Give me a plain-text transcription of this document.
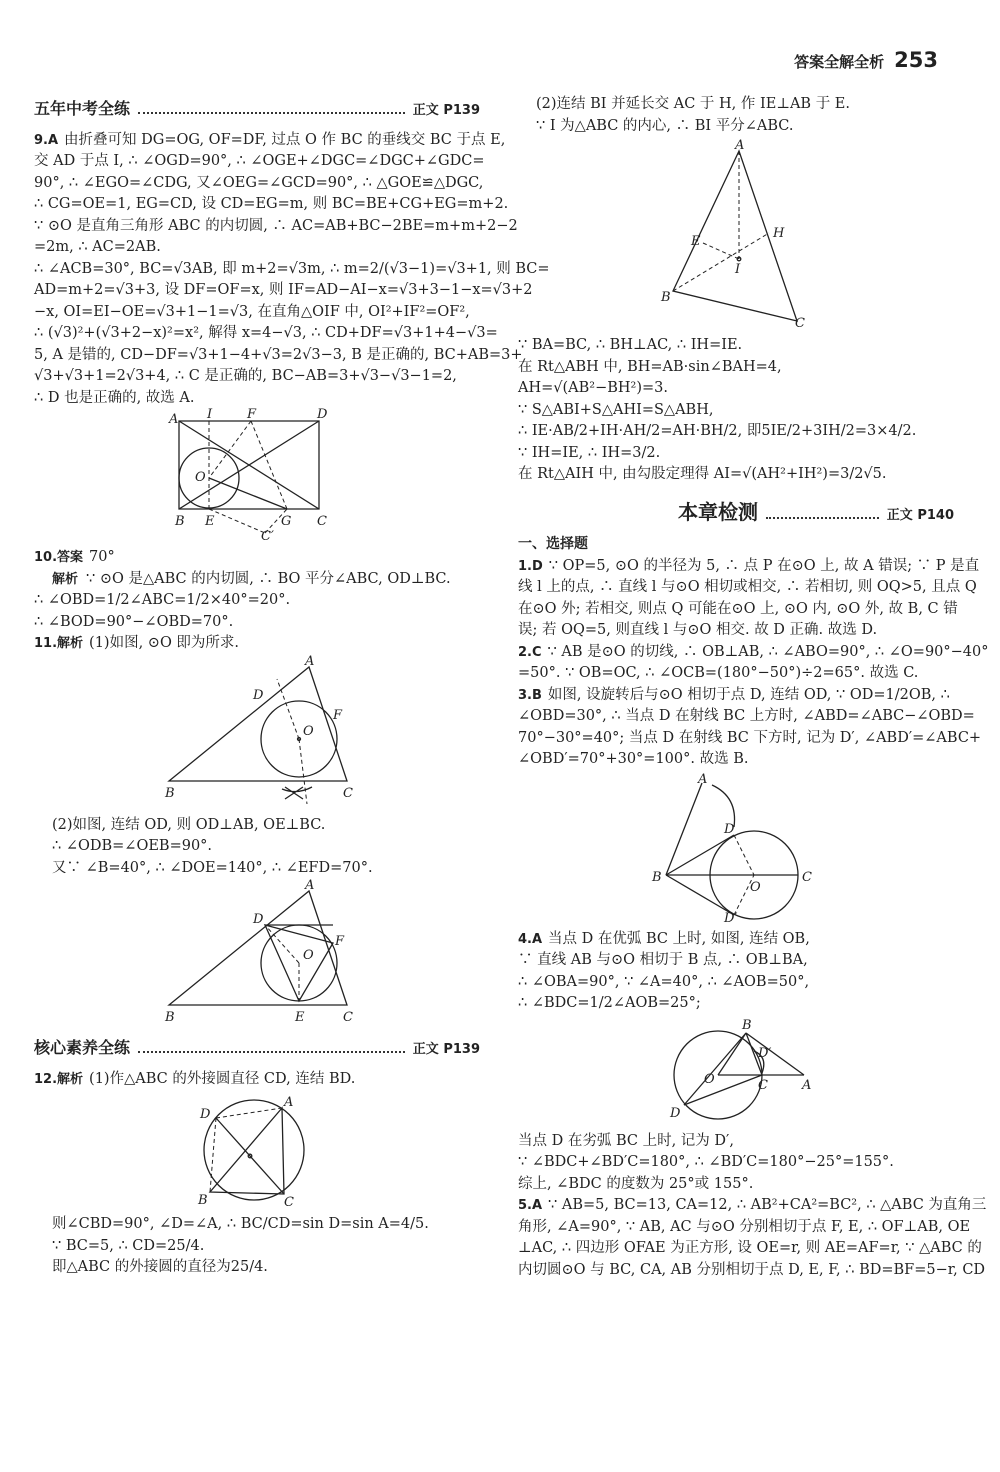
答案全解全析 253
五年中考全练	正文 P139
9.A 由折叠可知 DG=OG, OF=DF, 过点 O 作 BC 的垂线交 BC 于点 E,

交 AD 于点 I, ∴ ∠OGD=90°, ∴ ∠OGE+∠DGC=∠DGC+∠GDC=

90°, ∴ ∠EGO=∠CDG, 又∠OEG=∠GCD=90°, ∴ △GOE≌△DGC,

∴ CG=OE=1, EG=CD, 设 CD=EG=m, 则 BC=BE+CG+EG=m+2.

∵ ⊙O 是直角三角形 ABC 的内切圆, ∴ AC=AB+BC−2BE=m+m+2−2

=2m, ∴ AC=2AB.

∴ ∠ACB=30°, BC=√3AB, 即 m+2=√3m, ∴ m=2/(√3−1)=√3+1, 则 BC=

AD=m+2=√3+3, 设 DF=OF=x, 则 IF=AD−AI−x=√3+3−1−x=√3+2

−x, OI=EI−OE=√3+1−1=√3, 在直角△OIF 中, OI²+IF²=OF²,

∴ (√3)²+(√3+2−x)²=x², 解得 x=4−√3, ∴ CD+DF=√3+1+4−√3=

5, A 是错的, CD−DF=√3+1−4+√3=2√3−3, B 是正确的, BC+AB=3+

√3+√3+1=2√3+4, ∴ C 是正确的, BC−AB=3+√3−√3−1=2,

∴ D 也是正确的, 故选 A.

A I	F	D
O
B E	G C
C′
10.答案 70°
解析 ∵ ⊙O 是△ABC 的内切圆, ∴ BO 平分∠ABC, OD⊥BC.

∴ ∠OBD=1/2∠ABC=1/2×40°=20°.

∴ ∠BOD=90°−∠OBD=70°.

11.解析 (1)如图, ⊙O 即为所求.
A
D
F
O
B	C

(2)如图, 连结 OD, 则 OD⊥AB, OE⊥BC.

∴ ∠ODB=∠OEB=90°.

又∵ ∠B=40°, ∴ ∠DOE=140°, ∴ ∠EFD=70°.

A
D
F
O
B	E	C
核心素养全练	正文 P139
12.解析 (1)作△ABC 的外接圆直径 CD, 连结 BD.
D
A
B	C

则∠CBD=90°, ∠D=∠A, ∴ BC/CD=sin D=sin A=4/5.

∵ BC=5, ∴ CD=25/4.

即△ABC 的外接圆的直径为25/4.

(2)连结 BI 并延长交 AC 于 H, 作 IE⊥AB 于 E.

∵ I 为△ABC 的内心, ∴ BI 平分∠ABC.

A
E
H
I
B
C

∵ BA=BC, ∴ BH⊥AC, ∴ IH=IE.

在 Rt△ABH 中, BH=AB·sin∠BAH=4,

AH=√(AB²−BH²)=3.

∵ S△ABI+S△AHI=S△ABH,

∴ IE·AB/2+IH·AH/2=AH·BH/2, 即5IE/2+3IH/2=3×4/2.

∵ IH=IE, ∴ IH=3/2.

在 Rt△AIH 中, 由勾股定理得 AI=√(AH²+IH²)=3/2√5.

本章检测	正文 P140

一、选择题

1.D ∵ OP=5, ⊙O 的半径为 5, ∴ 点 P 在⊙O 上, 故 A 错误; ∵ P 是直

线 l 上的点, ∴ 直线 l 与⊙O 相切或相交, ∴ 若相切, 则 OQ>5, 且点 Q

在⊙O 外; 若相交, 则点 Q 可能在⊙O 上, ⊙O 内, ⊙O 外, 故 B, C 错

误; 若 OQ=5, 则直线 l 与⊙O 相交. 故 D 正确. 故选 D.

2.C ∵ AB 是⊙O 的切线, ∴ OB⊥AB, ∴ ∠ABO=90°, ∴ ∠O=90°−40°

=50°. ∵ OB=OC, ∴ ∠OCB=(180°−50°)÷2=65°. 故选 C.

3.B 如图, 设旋转后与⊙O 相切于点 D, 连结 OD, ∵ OD=1/2OB, ∴

∠OBD=30°, ∴ 当点 D 在射线 BC 上方时, ∠ABD=∠ABC−∠OBD=

70°−30°=40°; 当点 D 在射线 BC 下方时, 记为 D′, ∠ABD′=∠ABC+

∠OBD′=70°+30°=100°. 故选 B.

A
D
B
O
C
D′
4.A 当点 D 在优弧 BC 上时, 如图, 连结 OB,

∵ 直线 AB 与⊙O 相切于 B 点, ∴ OB⊥BA,

∴ ∠OBA=90°, ∵ ∠A=40°, ∴ ∠AOB=50°,

∴ ∠BDC=1/2∠AOB=25°;

B
D
O	C	A
D′

当点 D 在劣弧 BC 上时, 记为 D′,

∵ ∠BDC+∠BD′C=180°, ∴ ∠BD′C=180°−25°=155°.

综上, ∠BDC 的度数为 25°或 155°.

5.A ∵ AB=5, BC=13, CA=12, ∴ AB²+CA²=BC², ∴ △ABC 为直角三

角形, ∠A=90°, ∵ AB, AC 与⊙O 分别相切于点 F, E, ∴ OF⊥AB, OE

⊥AC, ∴ 四边形 OFAE 为正方形, 设 OE=r, 则 AE=AF=r, ∵ △ABC 的

内切圆⊙O 与 BC, CA, AB 分别相切于点 D, E, F, ∴ BD=BF=5−r, CD
